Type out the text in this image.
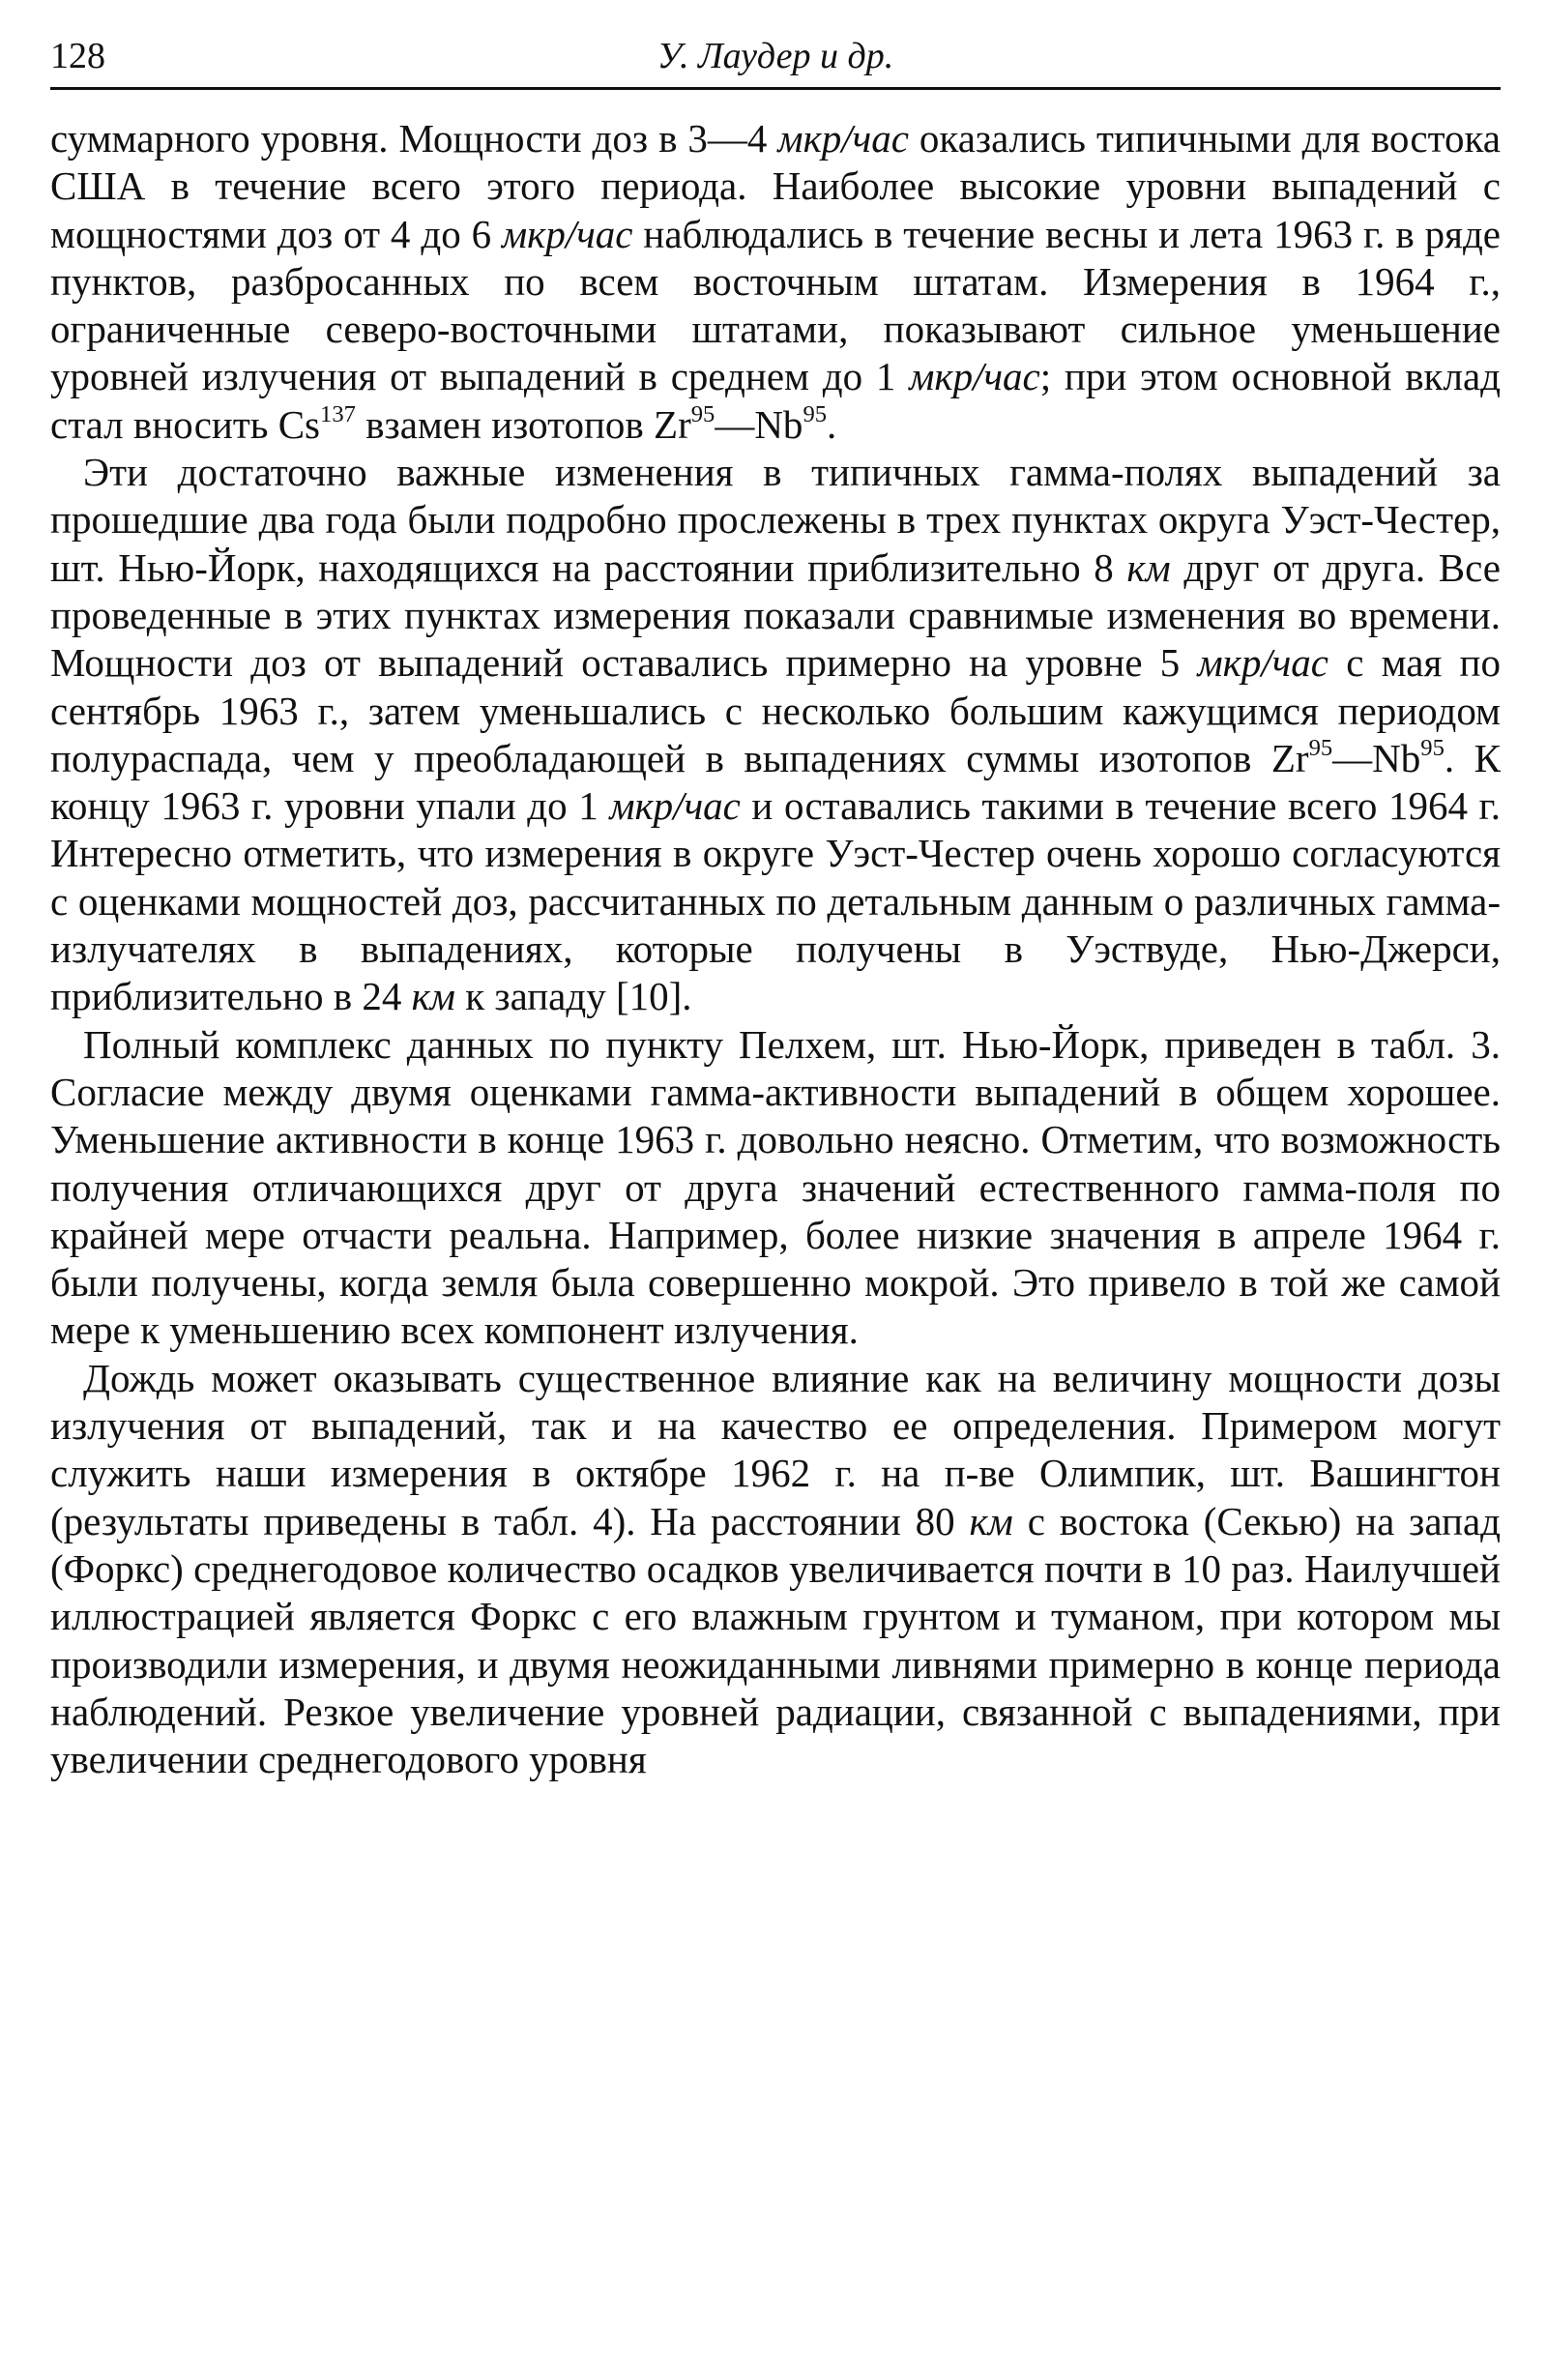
128	У. Лаудер и др.

суммарного уровня. Мощности доз в 3—4 мкр/час оказались типичными для востока США в течение всего этого периода. Наиболее высокие уровни выпадений с мощностями доз от 4 до 6 мкр/час наблюдались в течение весны и лета 1963 г. в ряде пунктов, разбросанных по всем восточным штатам. Измерения в 1964 г., ограниченные северо-восточными штатами, показывают сильное уменьшение уровней излучения от выпадений в среднем до 1 мкр/час; при этом основной вклад стал вносить Cs$^{137}$ взамен изотопов Zr$^{95}$—Nb$^{95}$.

Эти достаточно важные изменения в типичных гамма-полях выпадений за прошедшие два года были подробно прослежены в трех пунктах округа Уэст-Честер, шт. Нью-Йорк, находящихся на расстоянии приблизительно 8 км друг от друга. Все проведенные в этих пунктах измерения показали сравнимые изменения во времени. Мощности доз от выпадений оставались примерно на уровне 5 мкр/час с мая по сентябрь 1963 г., затем уменьшались с несколько большим кажущимся периодом полураспада, чем у преобладающей в выпадениях суммы изотопов Zr$^{95}$—Nb$^{95}$. К концу 1963 г. уровни упали до 1 мкр/час и оставались такими в течение всего 1964 г. Интересно отметить, что измерения в округе Уэст-Честер очень хорошо согласуются с оценками мощностей доз, рассчитанных по детальным данным о различных гамма-излучателях в выпадениях, которые получены в Уэствуде, Нью-Джерси, приблизительно в 24 км к западу [10].

Полный комплекс данных по пункту Пелхем, шт. Нью-Йорк, приведен в табл. 3. Согласие между двумя оценками гамма-активности выпадений в общем хорошее. Уменьшение активности в конце 1963 г. довольно неясно. Отметим, что возможность получения отличающихся друг от друга значений естественного гамма-поля по крайней мере отчасти реальна. Например, более низкие значения в апреле 1964 г. были получены, когда земля была совершенно мокрой. Это привело в той же самой мере к уменьшению всех компонент излучения.

Дождь может оказывать существенное влияние как на величину мощности дозы излучения от выпадений, так и на качество ее определения. Примером могут служить наши измерения в октябре 1962 г. на п-ве Олимпик, шт. Вашингтон (результаты приведены в табл. 4). На расстоянии 80 км с востока (Секью) на запад (Форкс) среднегодовое количество осадков увеличивается почти в 10 раз. Наилучшей иллюстрацией является Форкс с его влажным грунтом и туманом, при котором мы производили измерения, и двумя неожиданными ливнями примерно в конце периода наблюдений. Резкое увеличение уровней радиации, связанной с выпадениями, при увеличении среднегодового уровня
